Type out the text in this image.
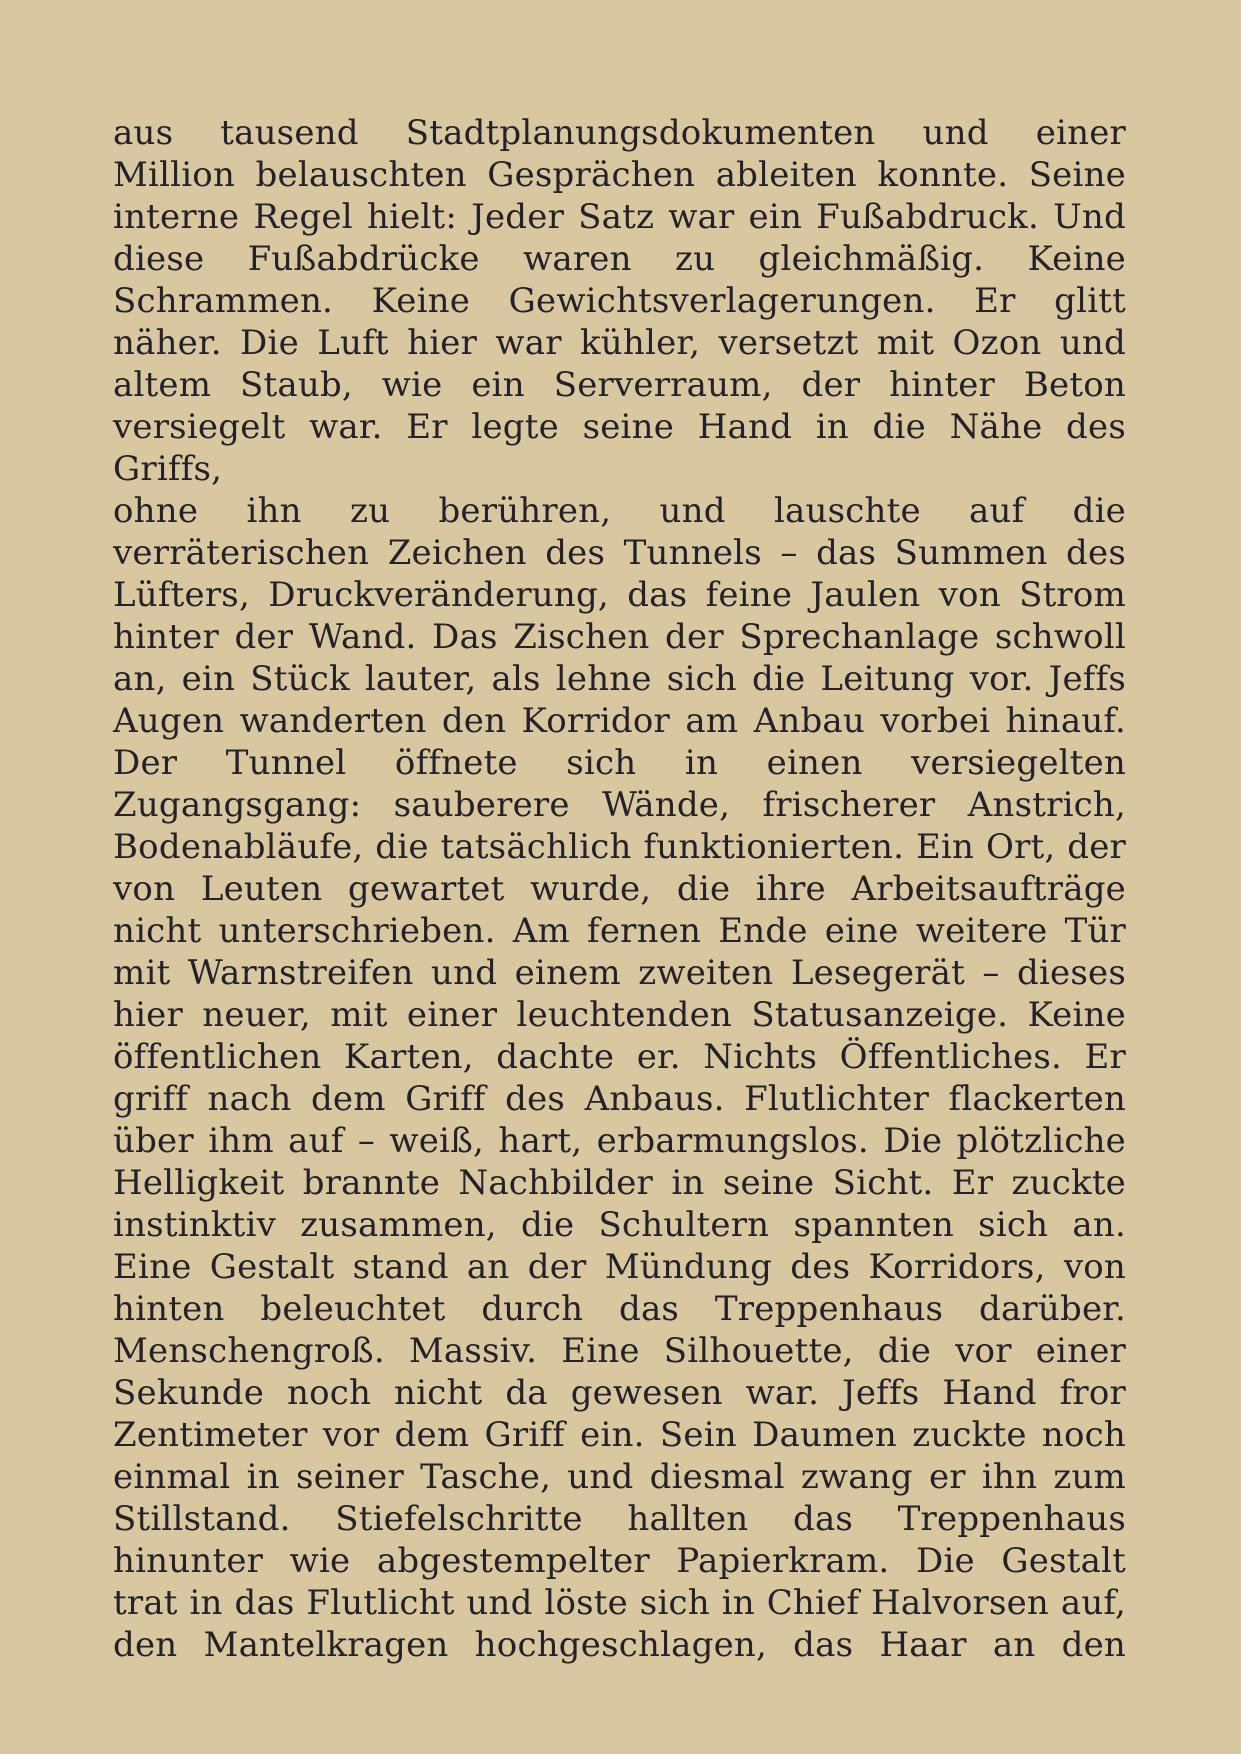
aus tausend Stadtplanungsdokumenten und einer
Million belauschten Gesprächen ableiten konnte. Seine
interne Regel hielt: Jeder Satz war ein Fußabdruck. Und
diese Fußabdrücke waren zu gleichmäßig. Keine
Schrammen. Keine Gewichtsverlagerungen. Er glitt
näher. Die Luft hier war kühler, versetzt mit Ozon und
altem Staub, wie ein Serverraum, der hinter Beton
versiegelt war. Er legte seine Hand in die Nähe des Griffs,
ohne ihn zu berühren, und lauschte auf die
verräterischen Zeichen des Tunnels – das Summen des
Lüfters, Druckveränderung, das feine Jaulen von Strom
hinter der Wand. Das Zischen der Sprechanlage schwoll
an, ein Stück lauter, als lehne sich die Leitung vor. Jeffs
Augen wanderten den Korridor am Anbau vorbei hinauf.
Der Tunnel öffnete sich in einen versiegelten
Zugangsgang: sauberere Wände, frischerer Anstrich,
Bodenabläufe, die tatsächlich funktionierten. Ein Ort, der
von Leuten gewartet wurde, die ihre Arbeitsaufträge
nicht unterschrieben. Am fernen Ende eine weitere Tür
mit Warnstreifen und einem zweiten Lesegerät – dieses
hier neuer, mit einer leuchtenden Statusanzeige. Keine
öffentlichen Karten, dachte er. Nichts Öffentliches. Er
griff nach dem Griff des Anbaus. Flutlichter flackerten
über ihm auf – weiß, hart, erbarmungslos. Die plötzliche
Helligkeit brannte Nachbilder in seine Sicht. Er zuckte
instinktiv zusammen, die Schultern spannten sich an.
Eine Gestalt stand an der Mündung des Korridors, von
hinten beleuchtet durch das Treppenhaus darüber.
Menschengroß. Massiv. Eine Silhouette, die vor einer
Sekunde noch nicht da gewesen war. Jeffs Hand fror
Zentimeter vor dem Griff ein. Sein Daumen zuckte noch
einmal in seiner Tasche, und diesmal zwang er ihn zum
Stillstand. Stiefelschritte hallten das Treppenhaus
hinunter wie abgestempelter Papierkram. Die Gestalt
trat in das Flutlicht und löste sich in Chief Halvorsen auf,
den Mantelkragen hochgeschlagen, das Haar an den
